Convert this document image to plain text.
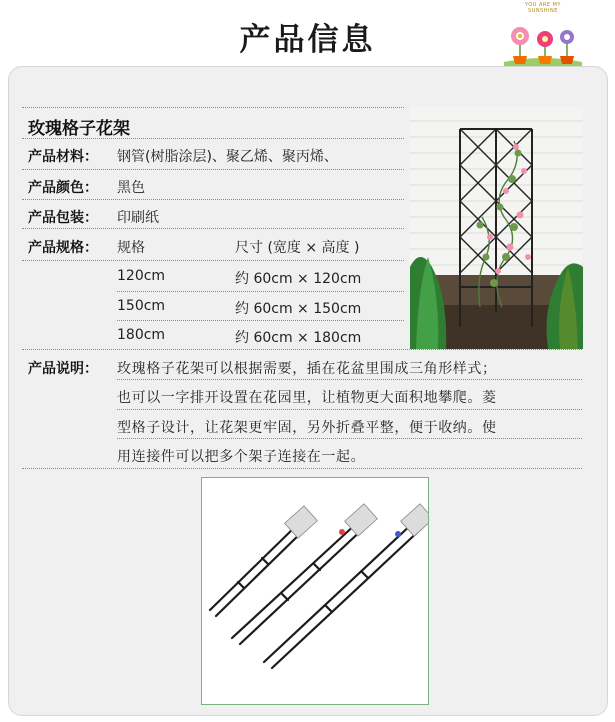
产品信息
YOU ARE MY
SUNSHINE
玫瑰格子花架
产品材料： 钢管(树脂涂层)、聚乙烯、聚丙烯、
产品颜色： 黑色
产品包装： 印刷纸
产品规格： 规格	尺寸 (宽度 × 高度 )
120cm	约 60cm × 120cm
150cm	约 60cm × 150cm
180cm	约 60cm × 180cm
产品说明： 玫瑰格子花架可以根据需要，插在花盆里围成三角形样式；
也可以一字排开设置在花园里，让植物更大面积地攀爬。菱
型格子设计，让花架更牢固，另外折叠平整，便于收纳。使
用连接件可以把多个架子连接在一起。
